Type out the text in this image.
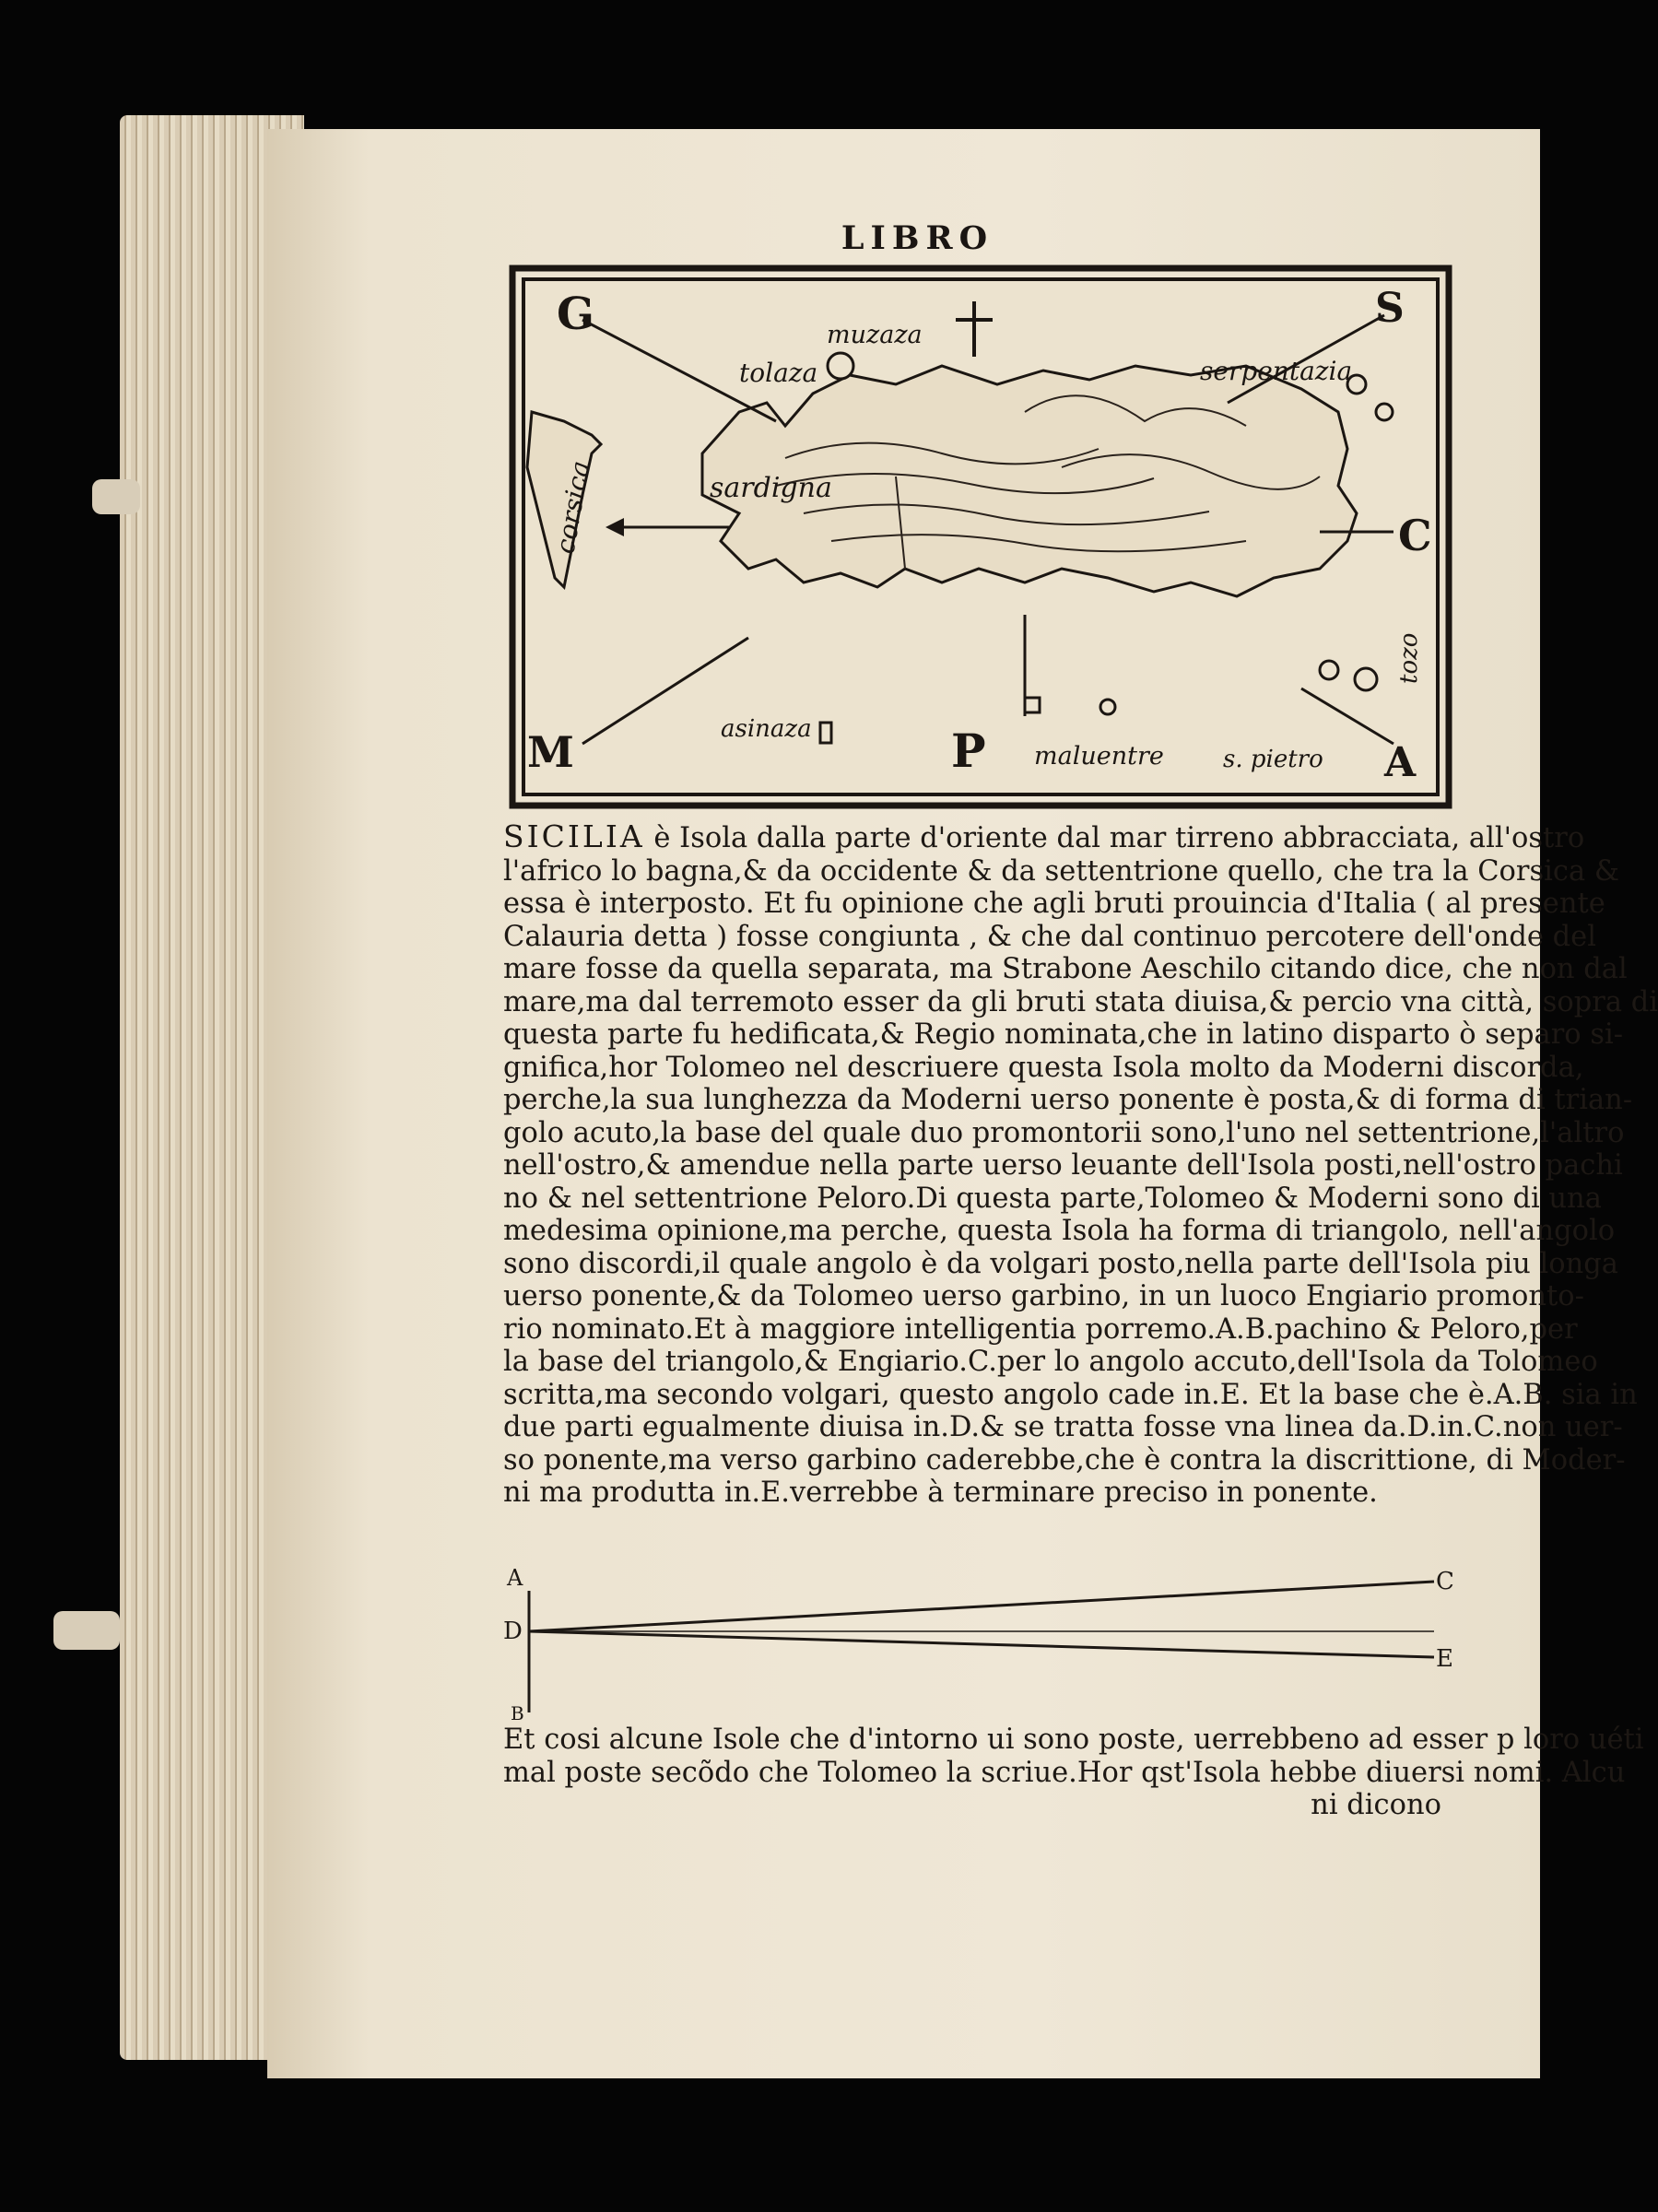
LIBRO
G	S
C
M	P	A
muzaza
tolaza	serpentazia
sardigna
corsica
asinaza
maluentre s. pietro
tozo
SICILIA è Isola dalla parte d'oriente dal mar tirreno abbracciata, all'ostro
l'africo lo bagna,& da occidente & da settentrione quello, che tra la Corsica &
essa è interposto. Et fu opinione che agli bruti prouincia d'Italia ( al presente
Calauria detta ) fosse congiunta , & che dal continuo percotere dell'onde del
mare fosse da quella separata, ma Strabone Aeschilo citando dice, che non dal
mare,ma dal terremoto esser da gli bruti stata diuisa,& percio vna città, sopra di
questa parte fu hedificata,& Regio nominata,che in latino disparto ò separo si-
gnifica,hor Tolomeo nel descriuere questa Isola molto da Moderni discorda,
perche,la sua lunghezza da Moderni uerso ponente è posta,& di forma di trian-
golo acuto,la base del quale duo promontorii sono,l'uno nel settentrione,l'altro
nell'ostro,& amendue nella parte uerso leuante dell'Isola posti,nell'ostro pachi
no & nel settentrione Peloro.Di questa parte,Tolomeo & Moderni sono di una
medesima opinione,ma perche, questa Isola ha forma di triangolo, nell'angolo
sono discordi,il quale angolo è da volgari posto,nella parte dell'Isola piu longa
uerso ponente,& da Tolomeo uerso garbino, in un luoco Engiario promonto-
rio nominato.Et à maggiore intelligentia porremo.A.B.pachino & Peloro,per
la base del triangolo,& Engiario.C.per lo angolo accuto,dell'Isola da Tolomeo
scritta,ma secondo volgari, questo angolo cade in.E. Et la base che è.A.B. sia in
due parti egualmente diuisa in.D.& se tratta fosse vna linea da.D.in.C.non uer-
so ponente,ma verso garbino caderebbe,che è contra la discrittione, di Moder-
ni ma produtta in.E.verrebbe à terminare preciso in ponente.
A
D
B
C
E
Et cosi alcune Isole che d'intorno ui sono poste, uerrebbeno ad esser p loro uéti
mal poste secõdo che Tolomeo la scriue.Hor qst'Isola hebbe diuersi nomi. Alcu
ni dicono
